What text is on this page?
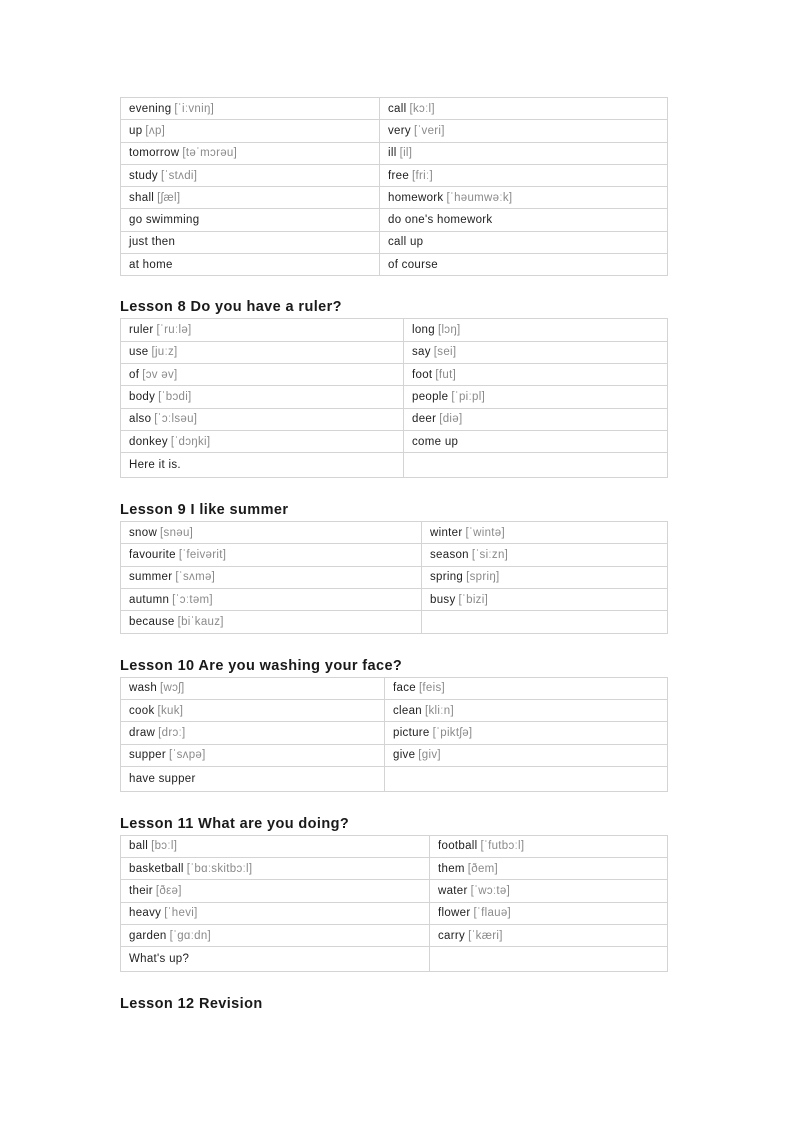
evening [ˈiːvniŋ]	call [kɔːl]
up [ʌp]	very [ˈveri]
tomorrow [təˈmɔrəu]	ill [il]
study [ˈstʌdi]	free [friː]
shall [ʃæl]	homework [ˈhəumwəːk]
go swimming	do one's homework
just then	call up
at home	of course
Lesson 8 Do you have a ruler?
ruler [ˈruːlə]	long [lɔŋ]
use [juːz]	say [sei]
of [ɔv əv]	foot [fut]
body [ˈbɔdi]	people [ˈpiːpl]
also [ˈɔːlsəu]	deer [diə]
donkey [ˈdɔŋki]	come up
Here it is.	
Lesson 9 I like summer
snow [snəu]	winter [ˈwintə]
favourite [ˈfeivərit]	season [ˈsiːzn]
summer [ˈsʌmə]	spring [spriŋ]
autumn [ˈɔːtəm]	busy [ˈbizi]
because [biˈkauz]	
Lesson 10 Are you washing your face?
wash [wɔʃ]	face [feis]
cook [kuk]	clean [kliːn]
draw [drɔː]	picture [ˈpiktʃə]
supper [ˈsʌpə]	give [giv]
have supper	
Lesson 11 What are you doing?
ball [bɔːl]	football [ˈfutbɔːl]
basketball [ˈbɑːskitbɔːl]	them [ðem]
their [ðεə]	water [ˈwɔːtə]
heavy [ˈhevi]	flower [ˈflauə]
garden [ˈgɑːdn]	carry [ˈkæri]
What's up?	
Lesson 12 Revision
